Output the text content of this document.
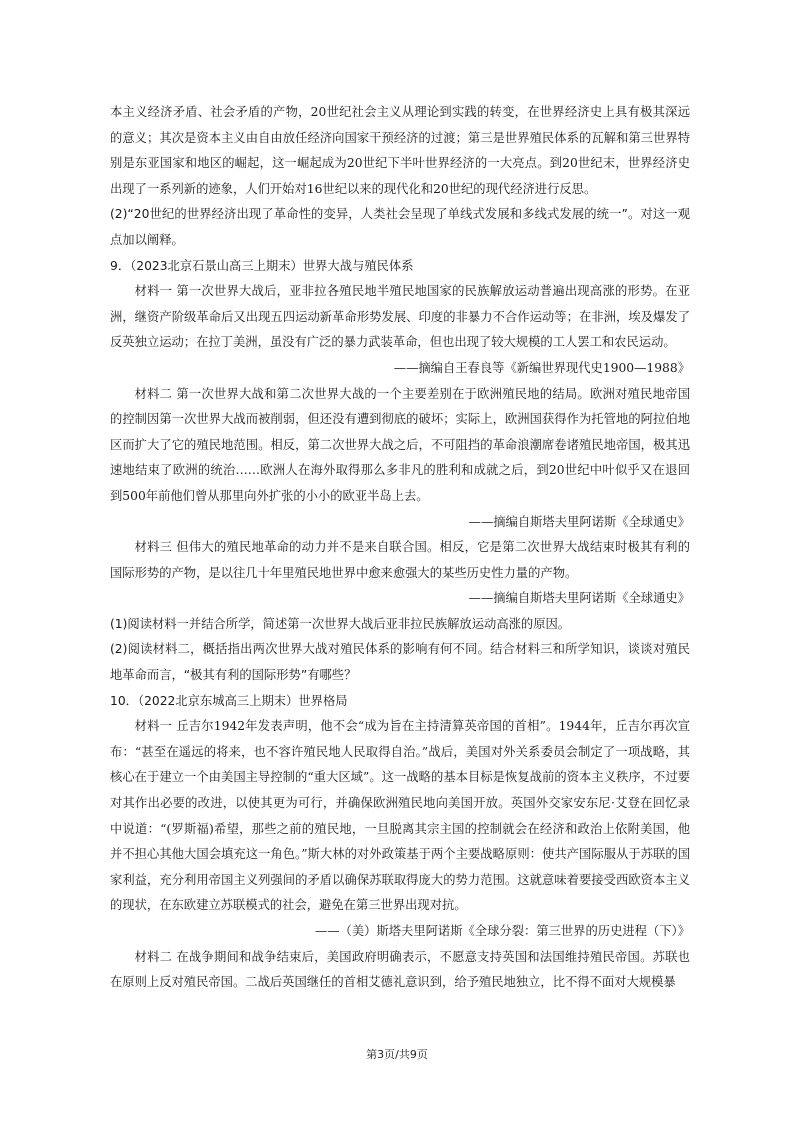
本主义经济矛盾、社会矛盾的产物，20世纪社会主义从理论到实践的转变，在世界经济史上具有极其深远的意义；其次是资本主义由自由放任经济向国家干预经济的过渡；第三是世界殖民体系的瓦解和第三世界特别是东亚国家和地区的崛起，这一崛起成为20世纪下半叶世界经济的一大亮点。到20世纪末，世界经济史出现了一系列新的迹象，人们开始对16世纪以来的现代化和20世纪的现代经济进行反思。

(2)“20世纪的世界经济出现了革命性的变异，人类社会呈现了单线式发展和多线式发展的统一”。对这一观点加以阐释。

9．（2023北京石景山高三上期末）世界大战与殖民体系

材料一 第一次世界大战后，亚非拉各殖民地半殖民地国家的民族解放运动普遍出现高涨的形势。在亚洲，继资产阶级革命后又出现五四运动新革命形势发展、印度的非暴力不合作运动等；在非洲，埃及爆发了反英独立运动；在拉丁美洲，虽没有广泛的暴力武装革命，但也出现了较大规模的工人罢工和农民运动。

——摘编自王春良等《新编世界现代史1900—1988》

材料二 第一次世界大战和第二次世界大战的一个主要差别在于欧洲殖民地的结局。欧洲对殖民地帝国的控制因第一次世界大战而被削弱，但还没有遭到彻底的破坏；实际上，欧洲国获得作为托管地的阿拉伯地区而扩大了它的殖民地范围。相反，第二次世界大战之后，不可阻挡的革命浪潮席卷诸殖民地帝国，极其迅速地结束了欧洲的统治……欧洲人在海外取得那么多非凡的胜利和成就之后，到20世纪中叶似乎又在退回到500年前他们曾从那里向外扩张的小小的欧亚半岛上去。

——摘编自斯塔夫里阿诺斯《全球通史》

材料三 但伟大的殖民地革命的动力并不是来自联合国。相反，它是第二次世界大战结束时极其有利的国际形势的产物，是以往几十年里殖民地世界中愈来愈强大的某些历史性力量的产物。

——摘编自斯塔夫里阿诺斯《全球通史》

(1)阅读材料一并结合所学，简述第一次世界大战后亚非拉民族解放运动高涨的原因。

(2)阅读材料二，概括指出两次世界大战对殖民体系的影响有何不同。结合材料三和所学知识，谈谈对殖民地革命而言，“极其有利的国际形势”有哪些？

10．（2022北京东城高三上期末）世界格局

材料一 丘吉尔1942年发表声明，他不会“成为旨在主持清算英帝国的首相”。1944年，丘吉尔再次宣布：“甚至在遥远的将来，也不容许殖民地人民取得自治。”战后，美国对外关系委员会制定了一项战略，其核心在于建立一个由美国主导控制的“重大区域”。这一战略的基本目标是恢复战前的资本主义秩序，不过要对其作出必要的改进，以使其更为可行，并确保欧洲殖民地向美国开放。英国外交家安东尼·艾登在回忆录中说道：“(罗斯福)希望，那些之前的殖民地，一旦脱离其宗主国的控制就会在经济和政治上依附美国，他并不担心其他大国会填充这一角色。”斯大林的对外政策基于两个主要战略原则：使共产国际服从于苏联的国家利益，充分利用帝国主义列强间的矛盾以确保苏联取得庞大的势力范围。这就意味着要接受西欧资本主义的现状，在东欧建立苏联模式的社会，避免在第三世界出现对抗。

——（美）斯塔夫里阿诺斯《全球分裂：第三世界的历史进程（下）》

材料二 在战争期间和战争结束后，美国政府明确表示，不愿意支持英国和法国维持殖民帝国。苏联也在原则上反对殖民帝国。二战后英国继任的首相艾德礼意识到，给予殖民地独立，比不得不面对大规模暴

第3页/共9页
